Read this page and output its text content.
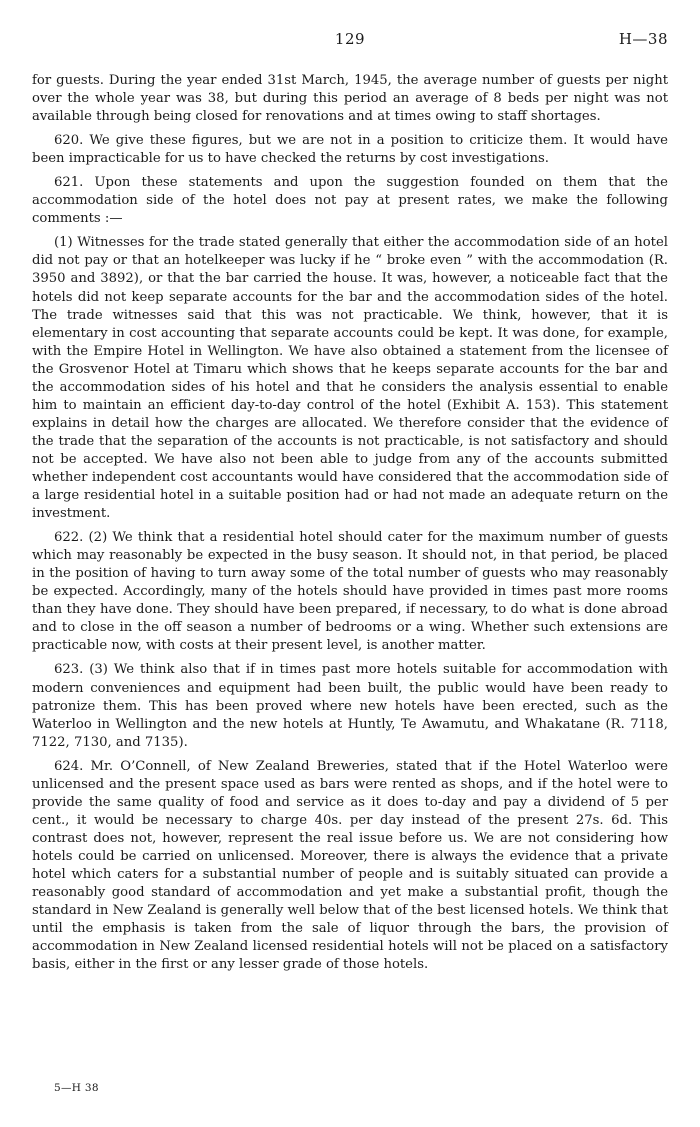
129	H—38

for guests. During the year ended 31st March, 1945, the average number of guests per night over the whole year was 38, but during this period an average of 8 beds per night was not available through being closed for renovations and at times owing to staff shortages.

620. We give these figures, but we are not in a position to criticize them. It would have been impracticable for us to have checked the returns by cost investigations.

621. Upon these statements and upon the suggestion founded on them that the accommodation side of the hotel does not pay at present rates, we make the following comments :—

(1) Witnesses for the trade stated generally that either the accommodation side of an hotel did not pay or that an hotelkeeper was lucky if he “ broke even ” with the accommodation (R. 3950 and 3892), or that the bar carried the house. It was, however, a noticeable fact that the hotels did not keep separate accounts for the bar and the accommodation sides of the hotel. The trade witnesses said that this was not practicable. We think, however, that it is elementary in cost accounting that separate accounts could be kept. It was done, for example, with the Empire Hotel in Wellington. We have also obtained a statement from the licensee of the Grosvenor Hotel at Timaru which shows that he keeps separate accounts for the bar and the accommodation sides of his hotel and that he considers the analysis essential to enable him to maintain an efficient day-to-day control of the hotel (Exhibit A. 153). This statement explains in detail how the charges are allocated. We therefore consider that the evidence of the trade that the separation of the accounts is not practicable, is not satisfactory and should not be accepted. We have also not been able to judge from any of the accounts submitted whether independent cost accountants would have considered that the accommodation side of a large residential hotel in a suitable position had or had not made an adequate return on the investment.

622. (2) We think that a residential hotel should cater for the maximum number of guests which may reasonably be expected in the busy season. It should not, in that period, be placed in the position of having to turn away some of the total number of guests who may reasonably be expected. Accordingly, many of the hotels should have provided in times past more rooms than they have done. They should have been prepared, if necessary, to do what is done abroad and to close in the off season a number of bedrooms or a wing. Whether such extensions are practicable now, with costs at their present level, is another matter.

623. (3) We think also that if in times past more hotels suitable for accommodation with modern conveniences and equipment had been built, the public would have been ready to patronize them. This has been proved where new hotels have been erected, such as the Waterloo in Wellington and the new hotels at Huntly, Te Awamutu, and Whakatane (R. 7118, 7122, 7130, and 7135).

624. Mr. O’Connell, of New Zealand Breweries, stated that if the Hotel Waterloo were unlicensed and the present space used as bars were rented as shops, and if the hotel were to provide the same quality of food and service as it does to-day and pay a dividend of 5 per cent., it would be necessary to charge 40s. per day instead of the present 27s. 6d. This contrast does not, however, represent the real issue before us. We are not considering how hotels could be carried on unlicensed. Moreover, there is always the evidence that a private hotel which caters for a substantial number of people and is suitably situated can provide a reasonably good standard of accommodation and yet make a substantial profit, though the standard in New Zealand is generally well below that of the best licensed hotels. We think that until the emphasis is taken from the sale of liquor through the bars, the provision of accommodation in New Zealand licensed residential hotels will not be placed on a satisfactory basis, either in the first or any lesser grade of those hotels.

5—H 38
